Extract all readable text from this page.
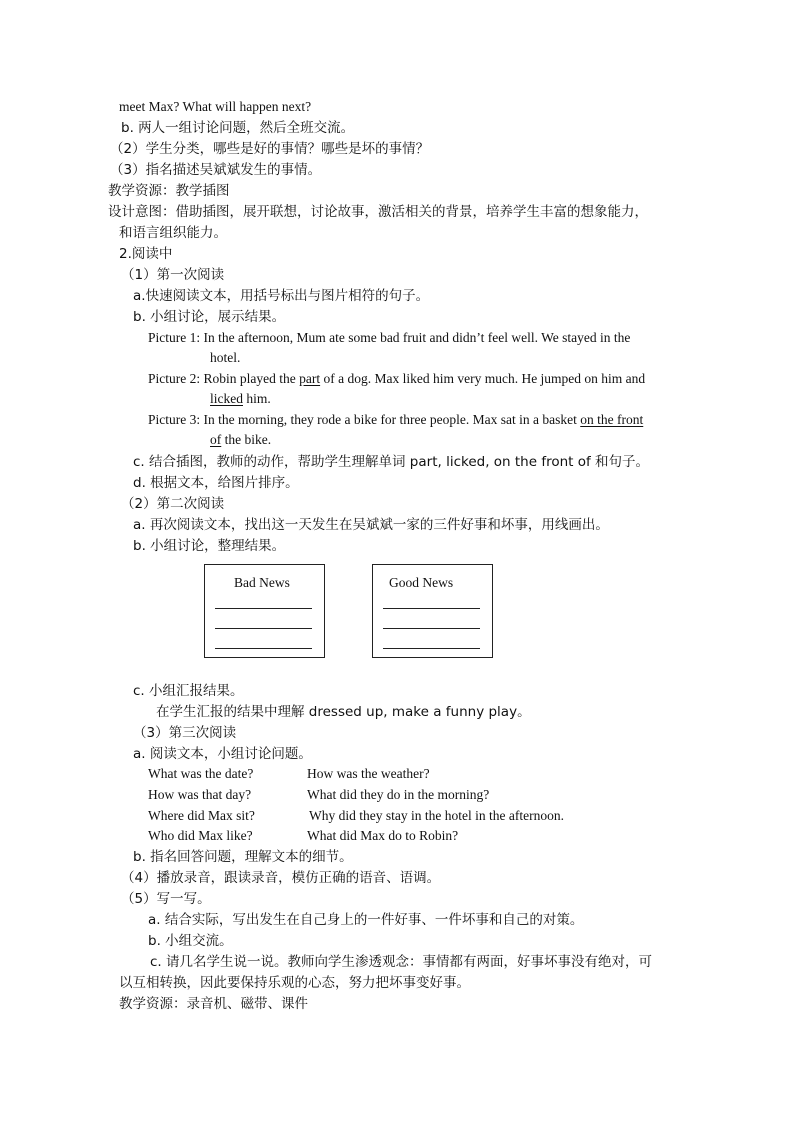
meet Max? What will happen next?
b. 两人一组讨论问题，然后全班交流。
（2）学生分类，哪些是好的事情？哪些是坏的事情？
（3）指名描述吴斌斌发生的事情。
教学资源：教学插图
设计意图：借助插图，展开联想，讨论故事，激活相关的背景，培养学生丰富的想象能力，
和语言组织能力。
2.阅读中
（1）第一次阅读
a.快速阅读文本，用括号标出与图片相符的句子。
b. 小组讨论，展示结果。
Picture 1: In the afternoon, Mum ate some bad fruit and didn’t feel well. We stayed in the
hotel.
Picture 2: Robin played the part of a dog. Max liked him very much. He jumped on him and
licked him.
Picture 3: In the morning, they rode a bike for three people. Max sat in a basket on the front
of the bike.
c. 结合插图，教师的动作，帮助学生理解单词 part, licked, on the front of 和句子。
d. 根据文本，给图片排序。
（2）第二次阅读
a. 再次阅读文本，找出这一天发生在吴斌斌一家的三件好事和坏事，用线画出。
b. 小组讨论，整理结果。
Bad News	Good News
c. 小组汇报结果。
在学生汇报的结果中理解 dressed up, make a funny play。
（3）第三次阅读
a. 阅读文本，小组讨论问题。
What was the date?	How was the weather?
How was that day?	What did they do in the morning?
Where did Max sit?	Why did they stay in the hotel in the afternoon.
Who did Max like?	What did Max do to Robin?
b. 指名回答问题，理解文本的细节。
（4）播放录音，跟读录音，模仿正确的语音、语调。
（5）写一写。
a. 结合实际，写出发生在自己身上的一件好事、一件坏事和自己的对策。
b. 小组交流。
c. 请几名学生说一说。教师向学生渗透观念：事情都有两面，好事坏事没有绝对，可
以互相转换，因此要保持乐观的心态，努力把坏事变好事。
教学资源：录音机、磁带、课件
